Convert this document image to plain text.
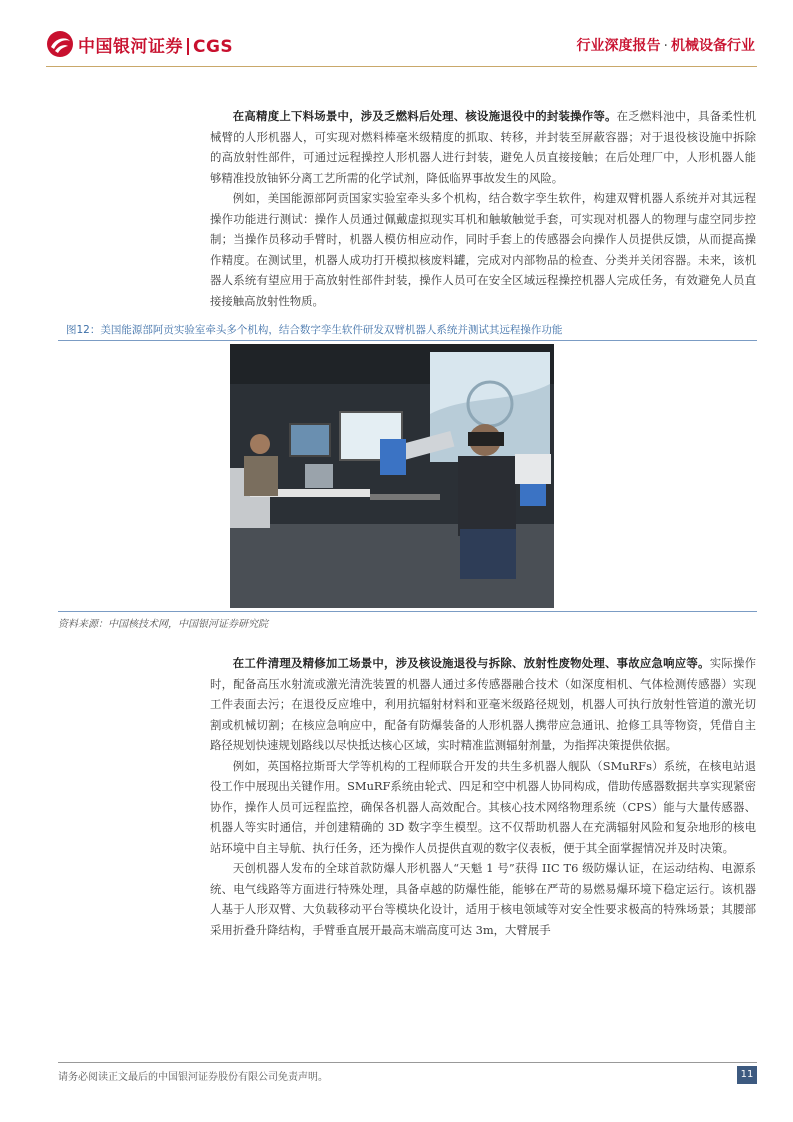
中国银河证券 CGS	行业深度报告 · 机械设备行业

在高精度上下料场景中，涉及乏燃料后处理、核设施退役中的封装操作等。在乏燃料池中，具备柔性机械臂的人形机器人，可实现对燃料棒毫米级精度的抓取、转移，并封装至屏蔽容器；对于退役核设施中拆除的高放射性部件，可通过远程操控人形机器人进行封装，避免人员直接接触；在后处理厂中，人形机器人能够精准投放铀钚分离工艺所需的化学试剂，降低临界事故发生的风险。

例如，美国能源部阿贡国家实验室牵头多个机构，结合数字孪生软件，构建双臂机器人系统并对其远程操作功能进行测试：操作人员通过佩戴虚拟现实耳机和触敏触觉手套，可实现对机器人的物理与虚空同步控制；当操作员移动手臂时，机器人模仿相应动作，同时手套上的传感器会向操作人员提供反馈，从而提高操作精度。在测试里，机器人成功打开模拟核废料罐，完成对内部物品的检查、分类并关闭容器。未来，该机器人系统有望应用于高放射性部件封装，操作人员可在安全区域远程操控机器人完成任务，有效避免人员直接接触高放射性物质。

图12：美国能源部阿贡实验室牵头多个机构，结合数字孪生软件研发双臂机器人系统并测试其远程操作功能
资料来源：中国核技术网，中国银河证券研究院

在工件清理及精修加工场景中，涉及核设施退役与拆除、放射性废物处理、事故应急响应等。实际操作时，配备高压水射流或激光清洗装置的机器人通过多传感器融合技术（如深度相机、气体检测传感器）实现工件表面去污；在退役反应堆中，利用抗辐射材料和亚毫米级路径规划，机器人可执行放射性管道的激光切割或机械切割；在核应急响应中，配备有防爆装备的人形机器人携带应急通讯、抢修工具等物资，凭借自主路径规划快速规划路线以尽快抵达核心区域，实时精准监测辐射剂量，为指挥决策提供依据。

例如，英国格拉斯哥大学等机构的工程师联合开发的共生多机器人舰队（SMuRFs）系统，在核电站退役工作中展现出关键作用。SMuRF系统由轮式、四足和空中机器人协同构成，借助传感器数据共享实现紧密协作，操作人员可远程监控，确保各机器人高效配合。其核心技术网络物理系统（CPS）能与大量传感器、机器人等实时通信，并创建精确的 3D 数字孪生模型。这不仅帮助机器人在充满辐射风险和复杂地形的核电站环境中自主导航、执行任务，还为操作人员提供直观的数字仪表板，便于其全面掌握情况并及时决策。

天创机器人发布的全球首款防爆人形机器人“天魁 1 号”获得 IIC T6 级防爆认证，在运动结构、电源系统、电气线路等方面进行特殊处理，具备卓越的防爆性能，能够在严苛的易燃易爆环境下稳定运行。该机器人基于人形双臂、大负载移动平台等模块化设计，适用于核电领域等对安全性要求极高的特殊场景；其腰部采用折叠升降结构，手臂垂直展开最高末端高度可达 3m，大臂展手

请务必阅读正文最后的中国银河证券股份有限公司免责声明。	11
